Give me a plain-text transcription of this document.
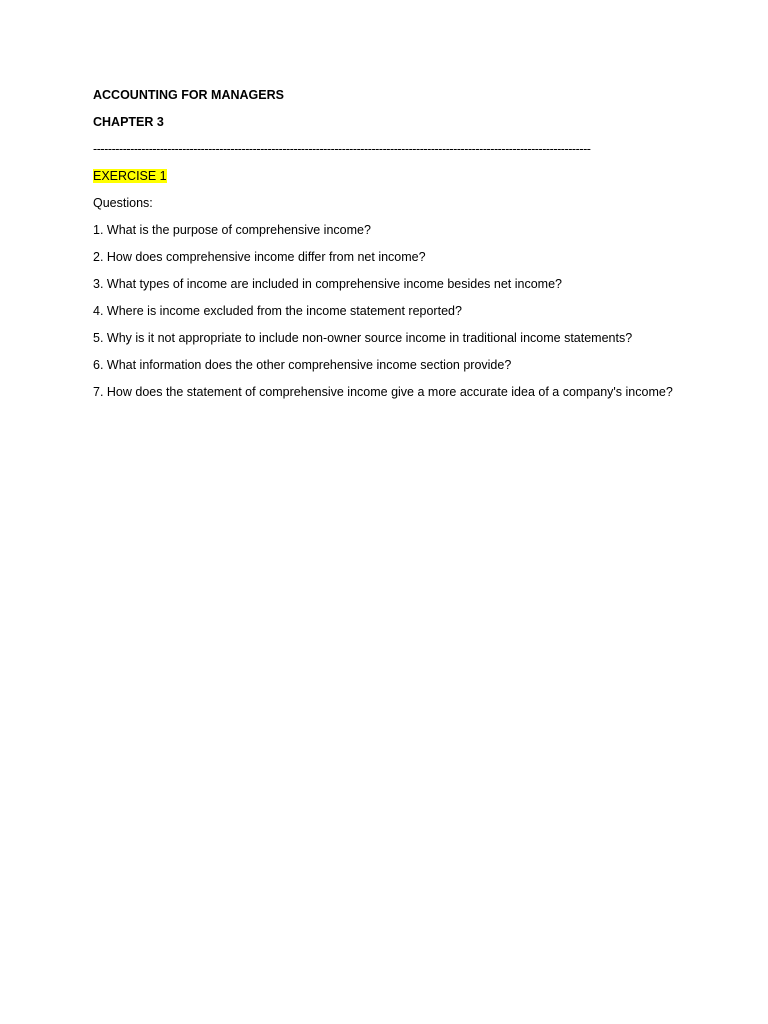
ACCOUNTING FOR MANAGERS
CHAPTER 3
--------------------------------------------------------------------------------------------------------------------------------------
EXERCISE 1
Questions:
1. What is the purpose of comprehensive income?
2. How does comprehensive income differ from net income?
3. What types of income are included in comprehensive income besides net income?
4. Where is income excluded from the income statement reported?
5. Why is it not appropriate to include non-owner source income in traditional income statements?
6. What information does the other comprehensive income section provide?
7. How does the statement of comprehensive income give a more accurate idea of a company's income?
